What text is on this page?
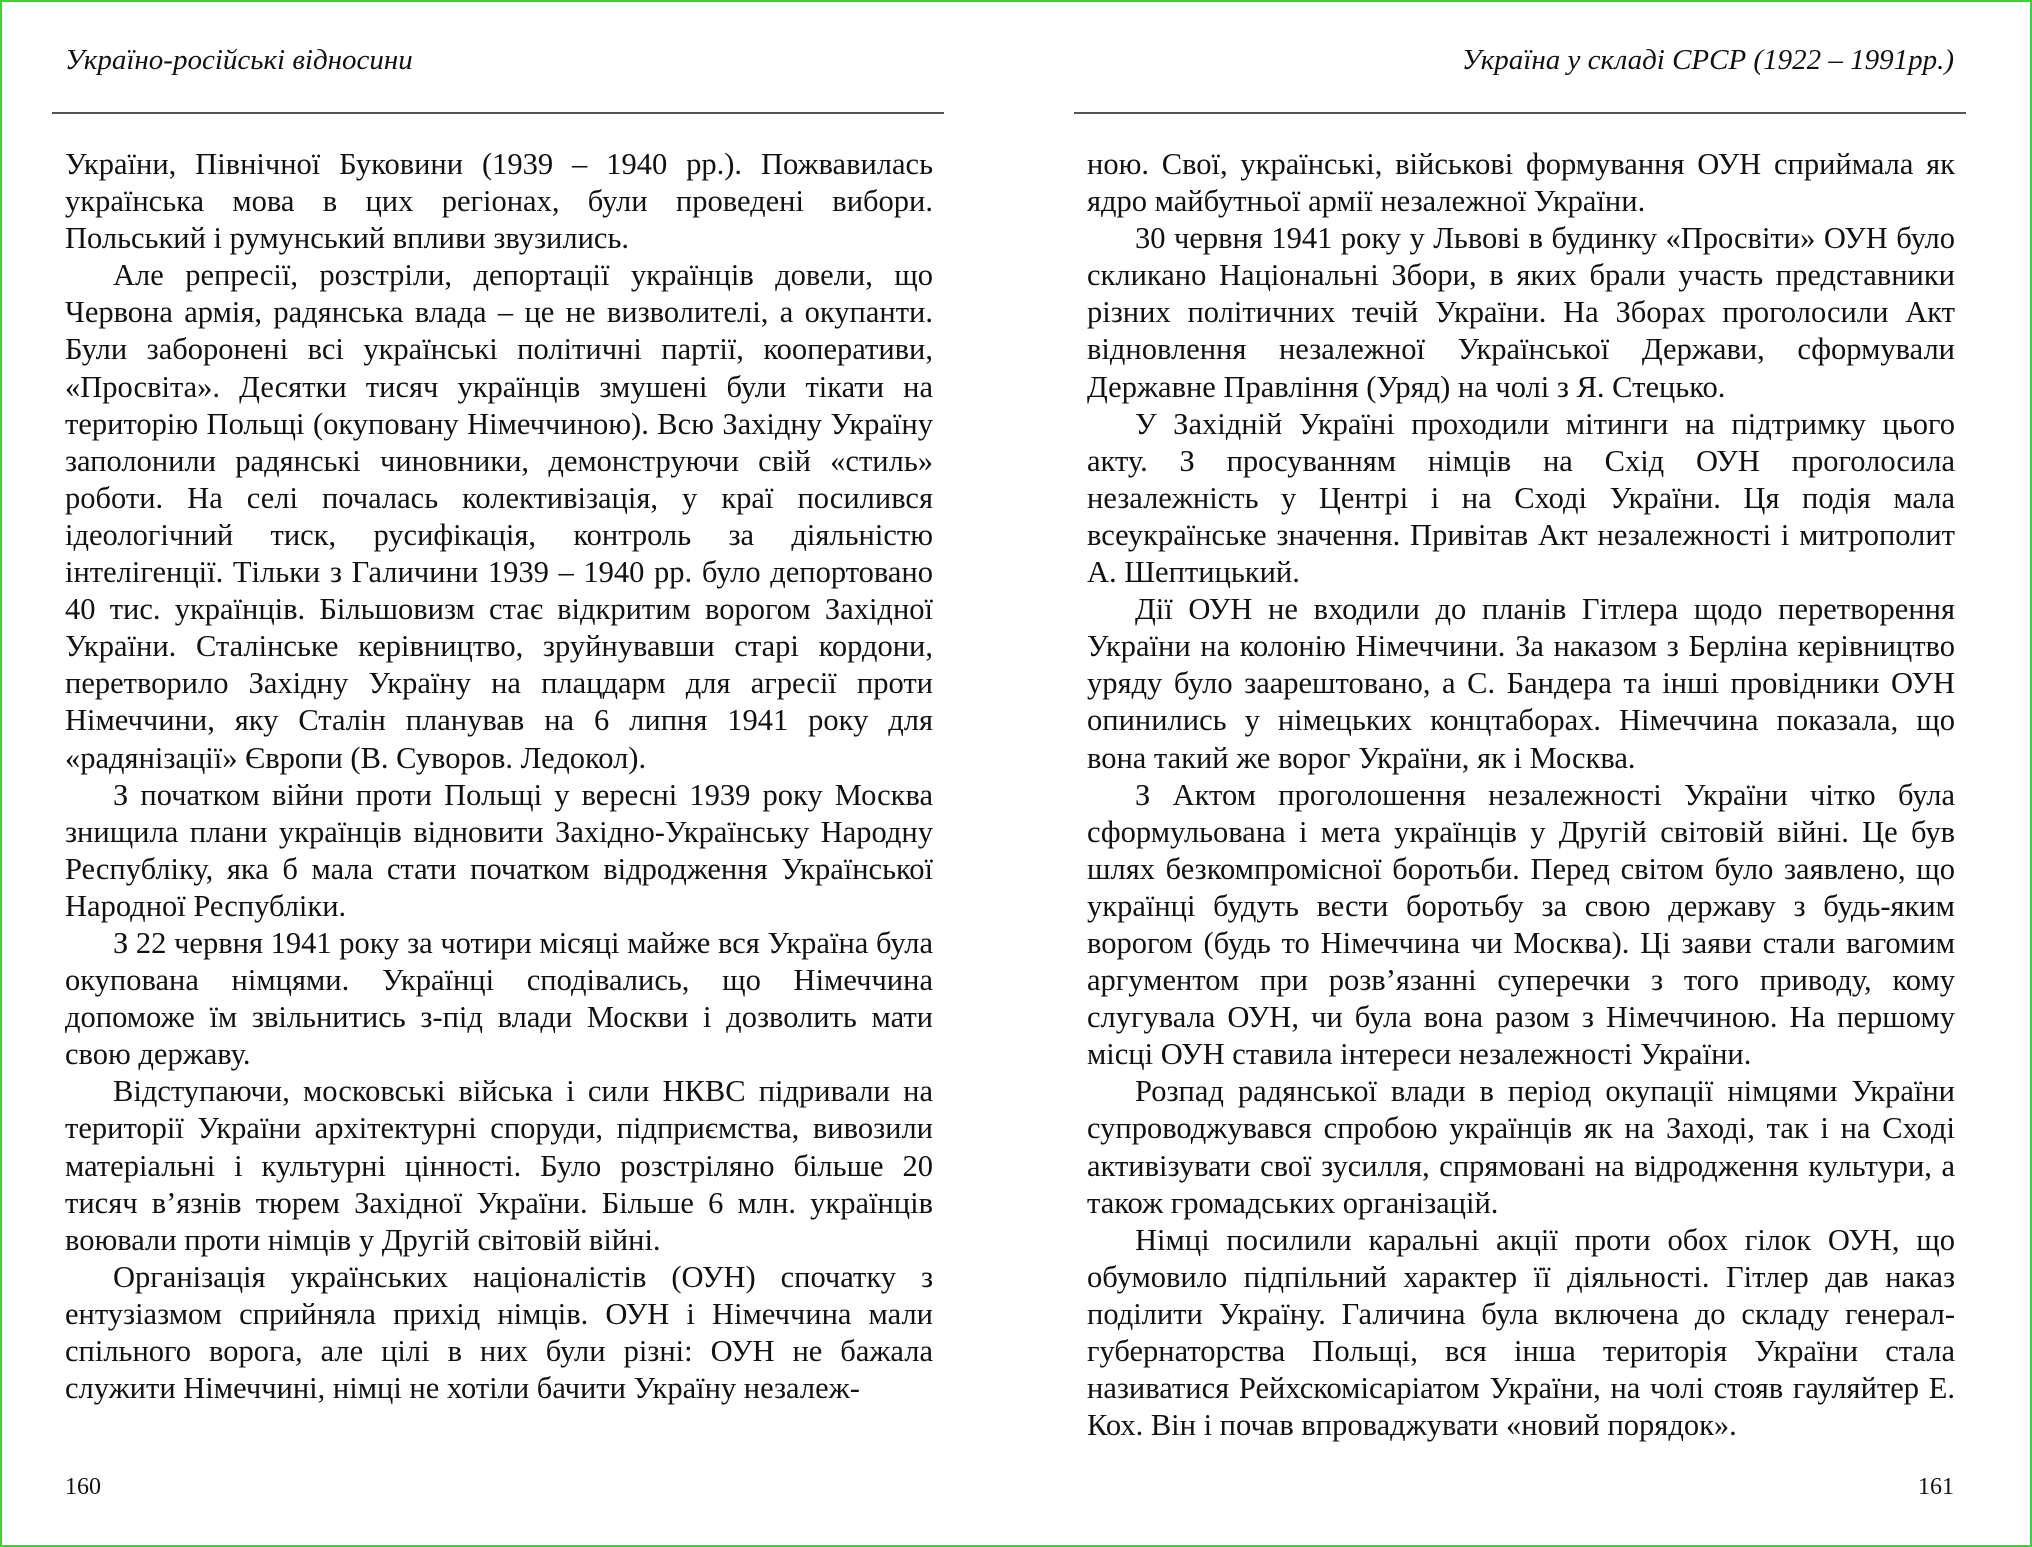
Україно-російські відносини

України, Північної Буковини (1939 – 1940 рр.). Пожвавилась українська мова в цих регіонах, були проведені вибори. Польський і румунський впливи звузились.

Але репресії, розстріли, депортації українців довели, що Червона армія, радянська влада – це не визволителі, а окупанти. Були заборонені всі українські політичні партії, кооперативи, «Просвіта». Десятки тисяч українців змушені були тікати на територію Польщі (окуповану Німеччиною). Всю Західну Україну заполонили радянські чиновники, демонструючи свій «стиль» роботи. На селі почалась колективізація, у краї посилився ідеологічний тиск, русифікація, контроль за діяльністю інтелігенції. Тільки з Галичини 1939 – 1940 рр. було депортовано 40 тис. українців. Більшовизм стає відкритим ворогом Західної України. Сталінське керівництво, зруйнувавши старі кордони, перетворило Західну Україну на плацдарм для агресії проти Німеччини, яку Сталін планував на 6 липня 1941 року для «радянізації» Європи (В. Суворов. Ледокол).

З початком війни проти Польщі у вересні 1939 року Москва знищила плани українців відновити Західно-Українську Народну Республіку, яка б мала стати початком відродження Української Народної Республіки.

З 22 червня 1941 року за чотири місяці майже вся Україна була окупована німцями. Українці сподівались, що Німеччина допоможе їм звільнитись з-під влади Москви і дозволить мати свою державу.

Відступаючи, московські війська і сили НКВС підривали на території України архітектурні споруди, підприємства, вивозили матеріальні і культурні цінності. Було розстріляно більше 20 тисяч в’язнів тюрем Західної України. Більше 6 млн. українців воювали проти німців у Другій світовій війні.

Організація українських націоналістів (ОУН) спочатку з ентузіазмом сприйняла прихід німців. ОУН і Німеччина мали спільного ворога, але цілі в них були різні: ОУН не бажала служити Німеччині, німці не хотіли бачити Україну незалеж-

160
Україна у складі СРСР (1922 – 1991рр.)

ною. Свої, українські, військові формування ОУН сприймала як ядро майбутньої армії незалежної України.

30 червня 1941 року у Львові в будинку «Просвіти» ОУН було скликано Національні Збори, в яких брали участь представники різних політичних течій України. На Зборах проголосили Акт відновлення незалежної Української Держави, сформували Державне Правління (Уряд) на чолі з Я. Стецько.

У Західній Україні проходили мітинги на підтримку цього акту. З просуванням німців на Схід ОУН проголосила незалежність у Центрі і на Сході України. Ця подія мала всеукраїнське значення. Привітав Акт незалежності і митрополит А. Шептицький.

Дії ОУН не входили до планів Гітлера щодо перетворення України на колонію Німеччини. За наказом з Берліна керівництво уряду було заарештовано, а С. Бандера та інші провідники ОУН опинились у німецьких концтаборах. Німеччина показала, що вона такий же ворог України, як і Москва.

З Актом проголошення незалежності України чітко була сформульована і мета українців у Другій світовій війні. Це був шлях безкомпромісної боротьби. Перед світом було заявлено, що українці будуть вести боротьбу за свою державу з будь-яким ворогом (будь то Німеччина чи Москва). Ці заяви стали вагомим аргументом при розв’язанні суперечки з того приводу, кому слугувала ОУН, чи була вона разом з Німеччиною. На першому місці ОУН ставила інтереси незалежності України.

Розпад радянської влади в період окупації німцями України супроводжувався спробою українців як на Заході, так і на Сході активізувати свої зусилля, спрямовані на відродження культури, а також громадських організацій.

Німці посилили каральні акції проти обох гілок ОУН, що обумовило підпільний характер її діяльності. Гітлер дав наказ поділити Україну. Галичина була включена до складу генерал-губернаторства Польщі, вся інша територія України стала називатися Рейхскомісаріатом України, на чолі стояв гауляйтер Е. Кох. Він і почав впроваджувати «новий порядок».

161
